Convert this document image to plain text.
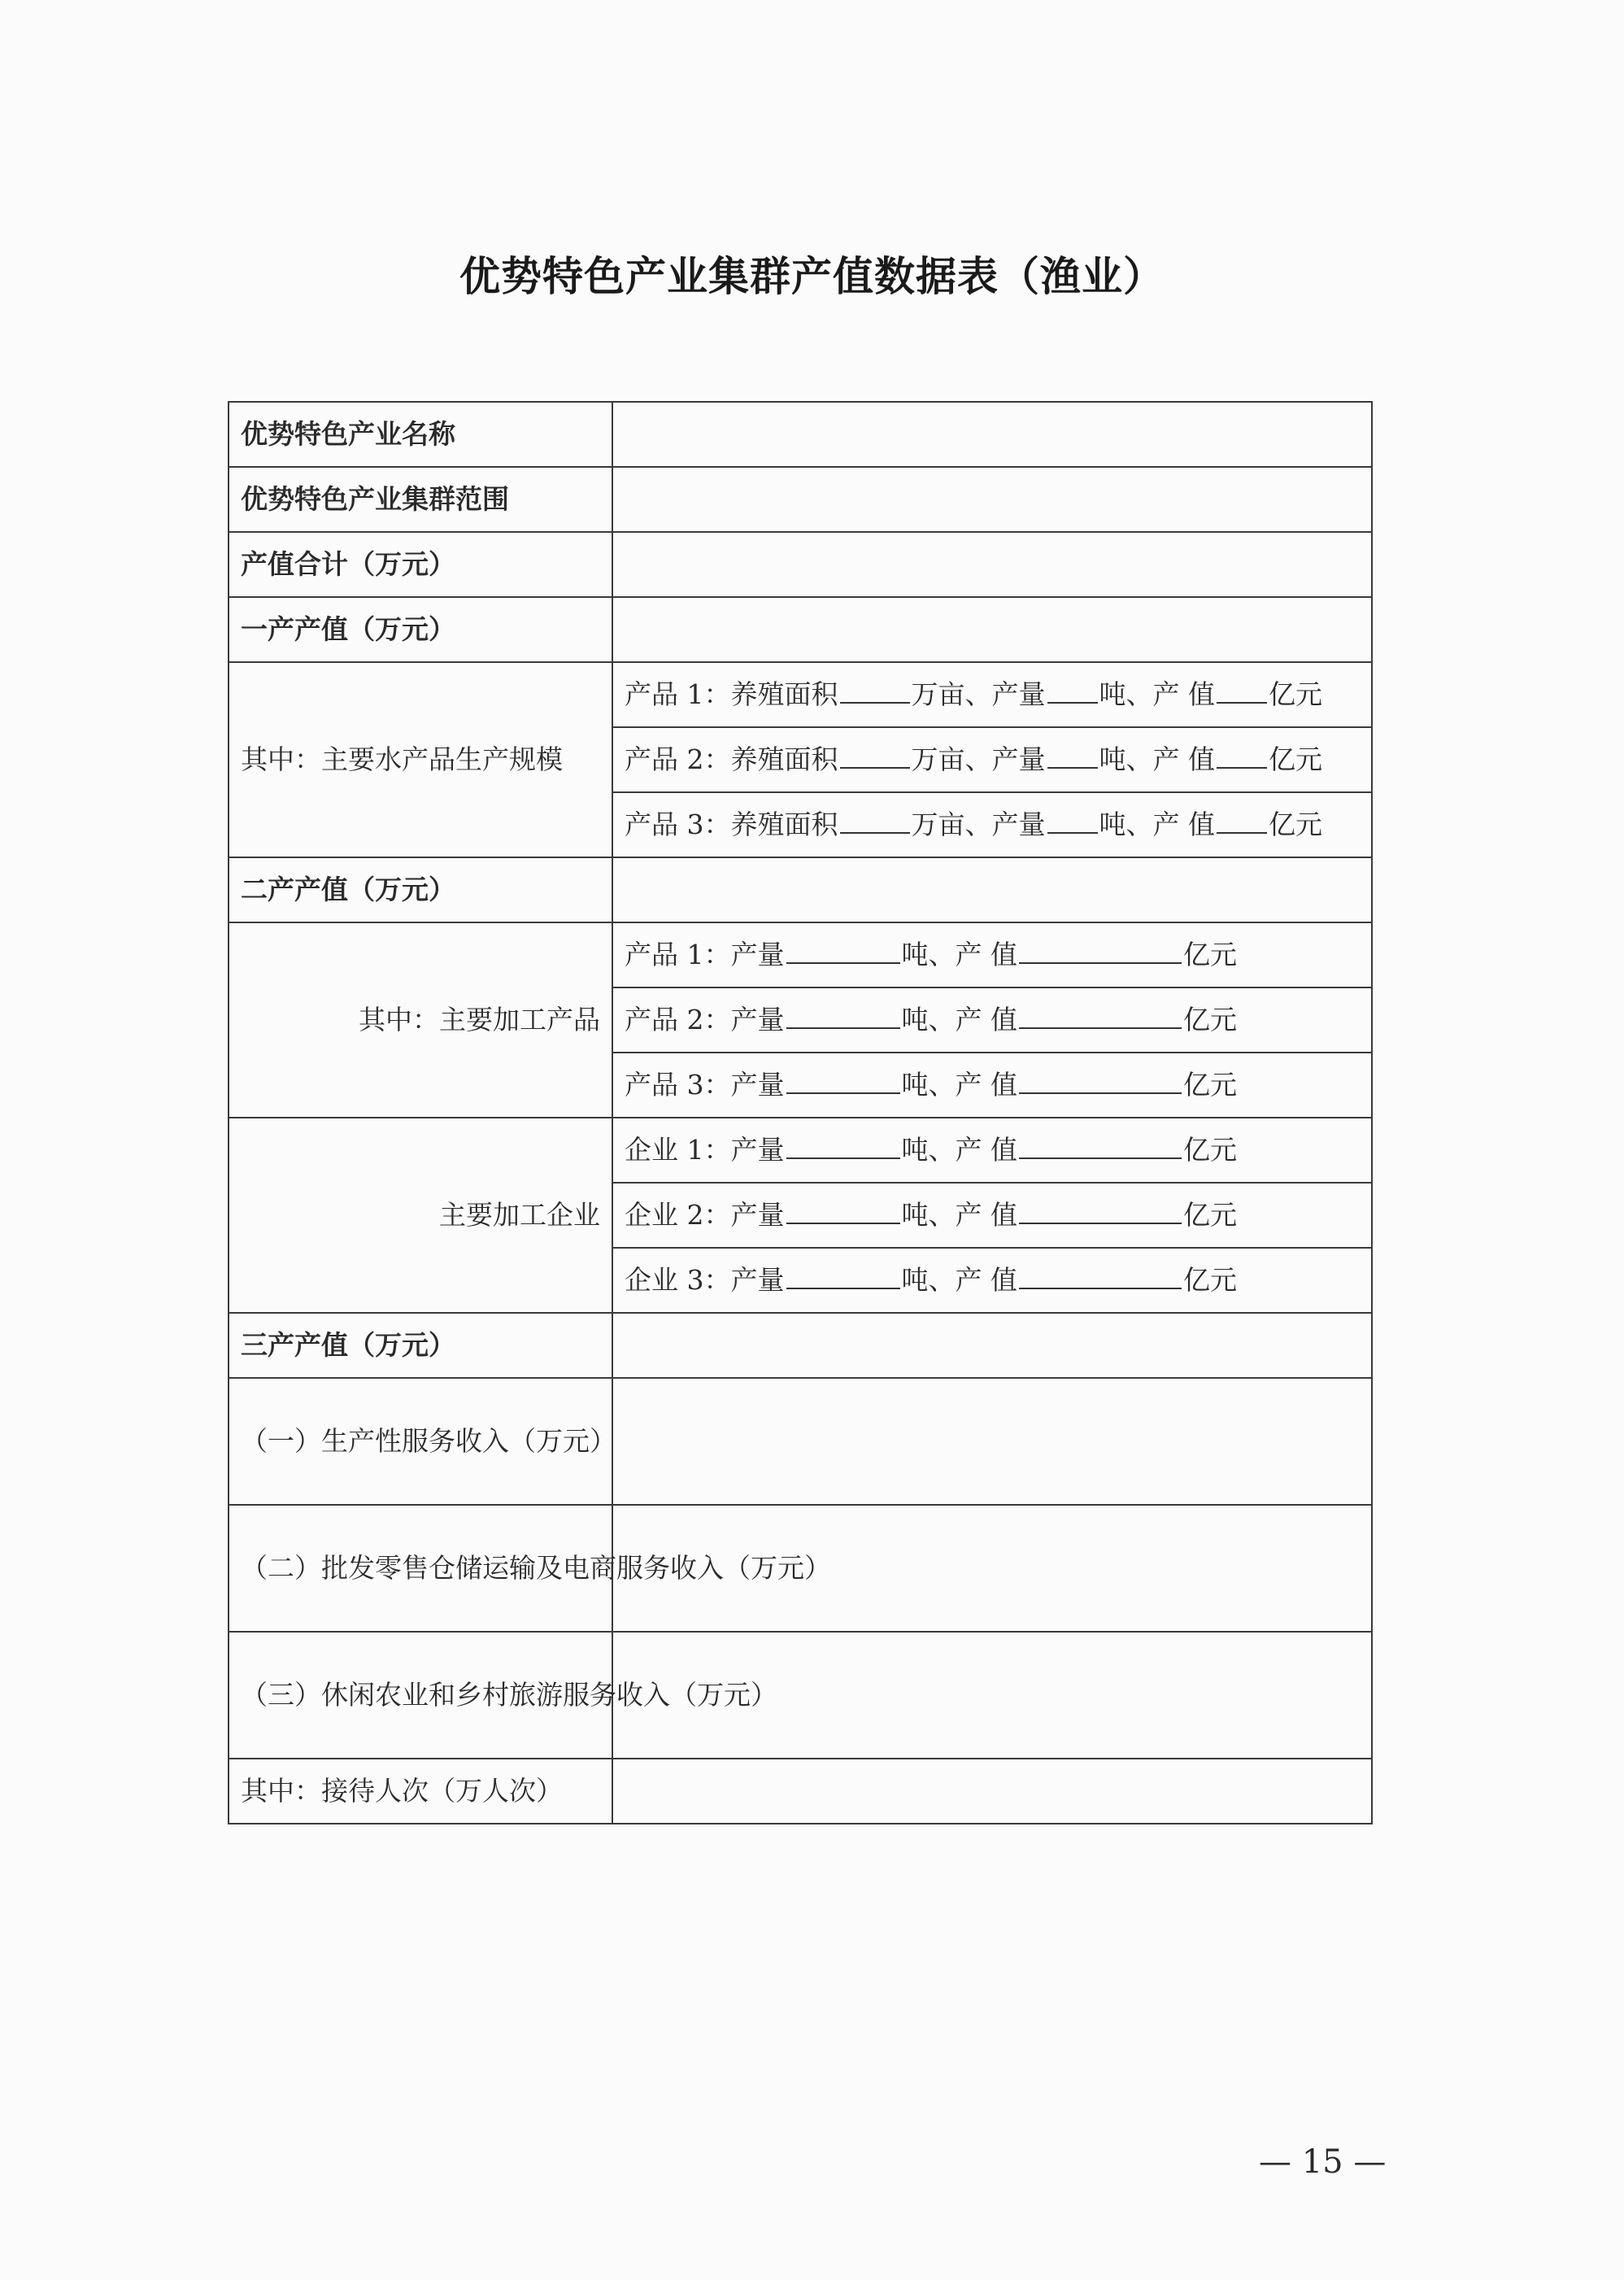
优势特色产业集群产值数据表（渔业）
优势特色产业名称	
优势特色产业集群范围	
产值合计（万元）	
一产产值（万元）	
其中：主要水产品生产规模	产品 1：养殖面积 万亩、产量 吨、产 值 亿元
	产品 2：养殖面积 万亩、产量 吨、产 值 亿元
	产品 3：养殖面积 万亩、产量 吨、产 值 亿元
二产产值（万元）	
其中：主要加工产品	产品 1：产量 吨、产 值 亿元
	产品 2：产量 吨、产 值 亿元
	产品 3：产量 吨、产 值 亿元
主要加工企业	企业 1：产量 吨、产 值 亿元
	企业 2：产量 吨、产 值 亿元
	企业 3：产量 吨、产 值 亿元
三产产值（万元）	
（一）生产性服务收入（万元）	
（二）批发零售仓储运输及电商服务收入（万元）	
（三）休闲农业和乡村旅游服务收入（万元）	
其中：接待人次（万人次）	
— 15 —
